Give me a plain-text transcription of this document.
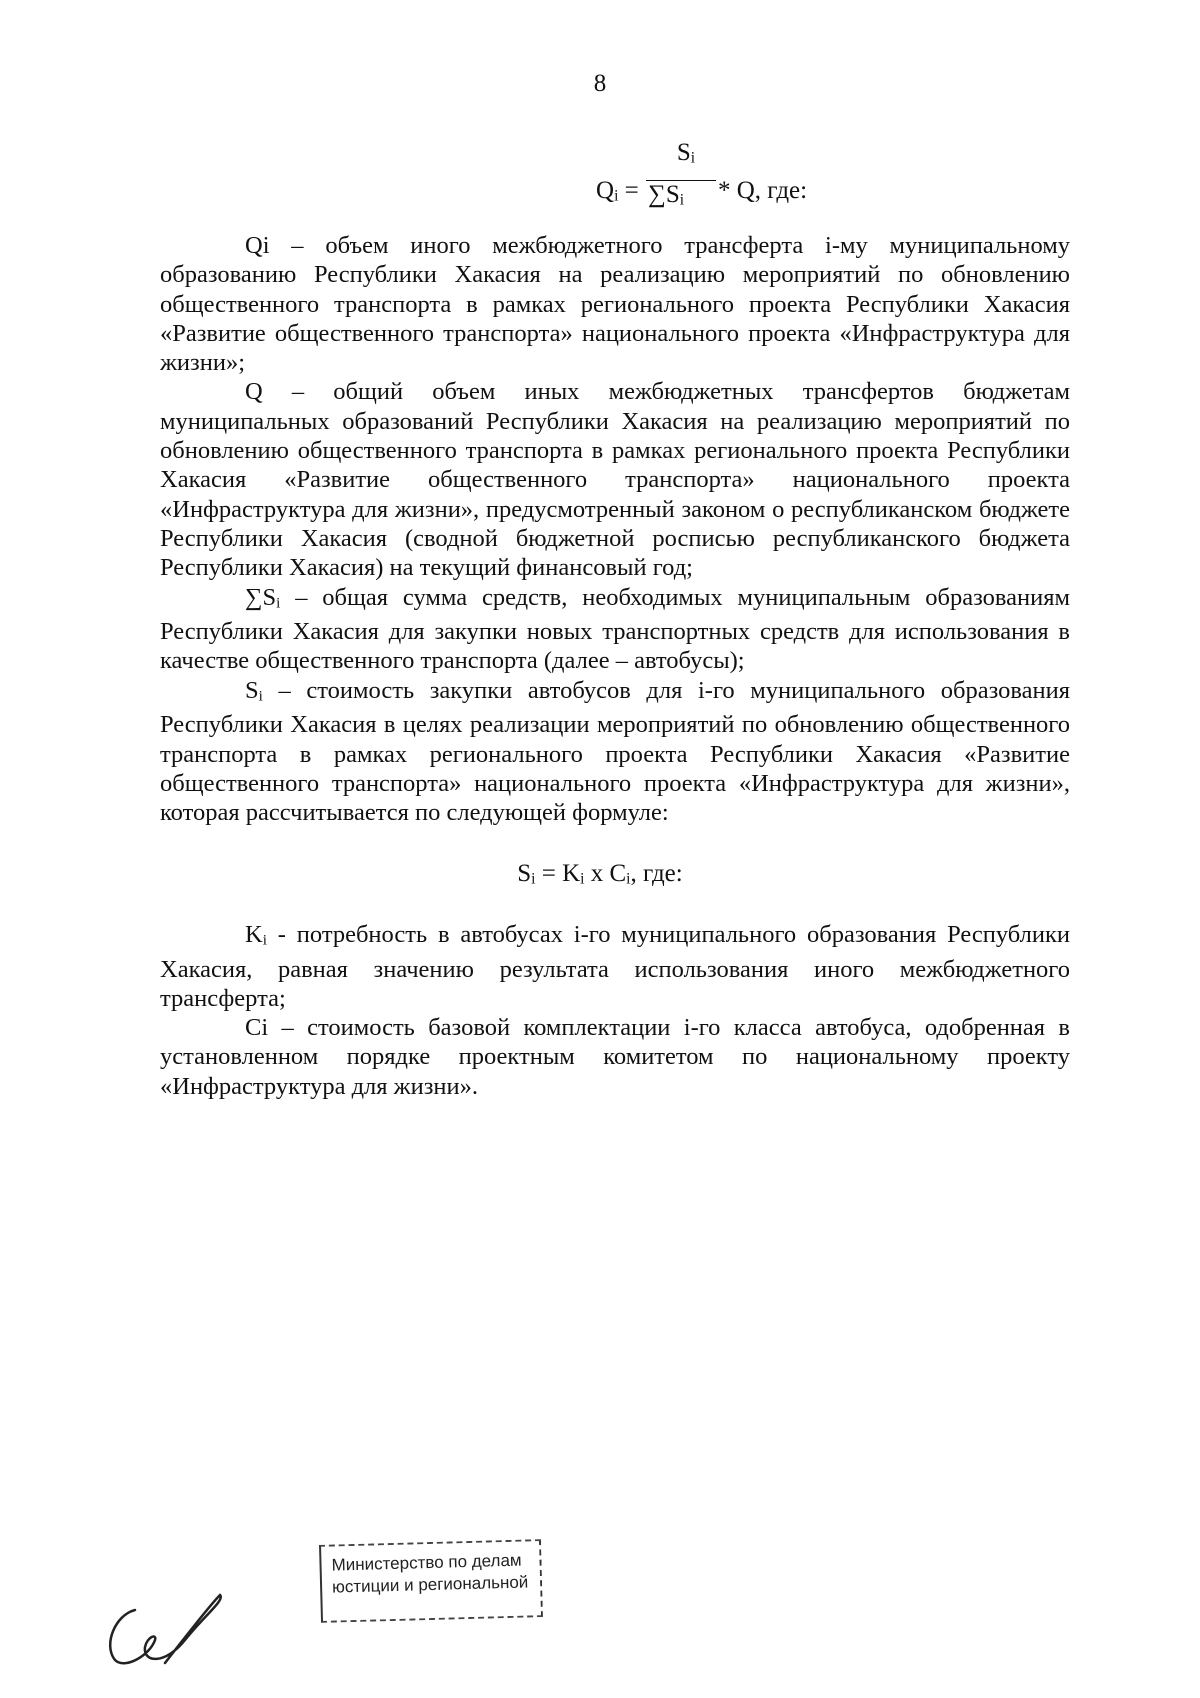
8
$S_i$
$Q_i = \sum S_i * Q$, где:

Qi – объем иного межбюджетного трансферта i-му муниципальному образованию Республики Хакасия на реализацию мероприятий по обновлению общественного транспорта в рамках регионального проекта Республики Хакасия «Развитие общественного транспорта» национального проекта «Инфраструктура для жизни»;

Q – общий объем иных межбюджетных трансфертов бюджетам муниципальных образований Республики Хакасия на реализацию мероприятий по обновлению общественного транспорта в рамках регионального проекта Республики Хакасия «Развитие общественного транспорта» национального проекта «Инфраструктура для жизни», предусмотренный законом о республиканском бюджете Республики Хакасия (сводной бюджетной росписью республиканского бюджета Республики Хакасия) на текущий финансовый год;

$\sum S_i$ – общая сумма средств, необходимых муниципальным образованиям Республики Хакасия для закупки новых транспортных средств для использования в качестве общественного транспорта (далее – автобусы);

$S_i$ – стоимость закупки автобусов для i-го муниципального образования Республики Хакасия в целях реализации мероприятий по обновлению общественного транспорта в рамках регионального проекта Республики Хакасия «Развитие общественного транспорта» национального проекта «Инфраструктура для жизни», которая рассчитывается по следующей формуле:

$S_i = K_i$ x $C_i$, где:

$K_i$ - потребность в автобусах i-го муниципального образования Республики Хакасия, равная значению результата использования иного межбюджетного трансферта;

Ci – стоимость базовой комплектации i-го класса автобуса, одобренная в установленном порядке проектным комитетом по национальному проекту «Инфраструктура для жизни».

Министерство по делам
юстиции и региональной
